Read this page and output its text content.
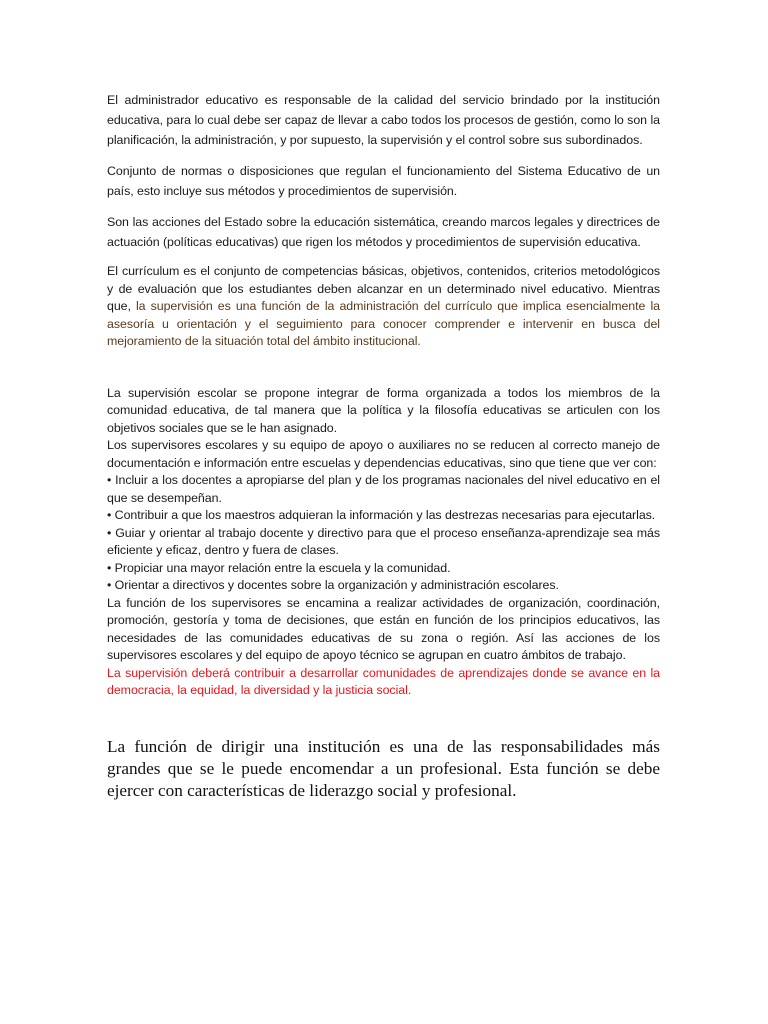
El administrador educativo es responsable de la calidad del servicio brindado por la institución educativa, para lo cual debe ser capaz de llevar a cabo todos los procesos de gestión, como lo son la planificación, la administración, y por supuesto, la supervisión y el control sobre sus subordinados.

Conjunto de normas o disposiciones que regulan el funcionamiento del Sistema Educativo de un país, esto incluye sus métodos y procedimientos de supervisión.

Son las acciones del Estado sobre la educación sistemática, creando marcos legales y directrices de actuación (políticas educativas) que rigen los métodos y procedimientos de supervisión educativa.

El currículum es el conjunto de competencias básicas, objetivos, contenidos, criterios metodológicos y de evaluación que los estudiantes deben alcanzar en un determinado nivel educativo. Mientras que, la supervisión es una función de la administración del currículo que implica esencialmente la asesoría u orientación y el seguimiento para conocer comprender e intervenir en busca del mejoramiento de la situación total del ámbito institucional.

La supervisión escolar se propone integrar de forma organizada a todos los miembros de la comunidad educativa, de tal manera que la política y la filosofía educativas se articulen con los objetivos sociales que se le han asignado.

Los supervisores escolares y su equipo de apoyo o auxiliares no se reducen al correcto manejo de documentación e información entre escuelas y dependencias educativas, sino que tiene que ver con:

• Incluir a los docentes a apropiarse del plan y de los programas nacionales del nivel educativo en el que se desempeñan.

• Contribuir a que los maestros adquieran la información y las destrezas necesarias para ejecutarlas.

• Guiar y orientar al trabajo docente y directivo para que el proceso enseñanza-aprendizaje sea más eficiente y eficaz, dentro y fuera de clases.

• Propiciar una mayor relación entre la escuela y la comunidad.

• Orientar a directivos y docentes sobre la organización y administración escolares.

La función de los supervisores se encamina a realizar actividades de organización, coordinación, promoción, gestoría y toma de decisiones, que están en función de los principios educativos, las necesidades de las comunidades educativas de su zona o región. Así las acciones de los supervisores escolares y del equipo de apoyo técnico se agrupan en cuatro ámbitos de trabajo.

La supervisión deberá contribuir a desarrollar comunidades de aprendizajes donde se avance en la democracia, la equidad, la diversidad y la justicia social.

La función de dirigir una institución es una de las responsabilidades más grandes que se le puede encomendar a un profesional. Esta función se debe ejercer con características de liderazgo social y profesional.
